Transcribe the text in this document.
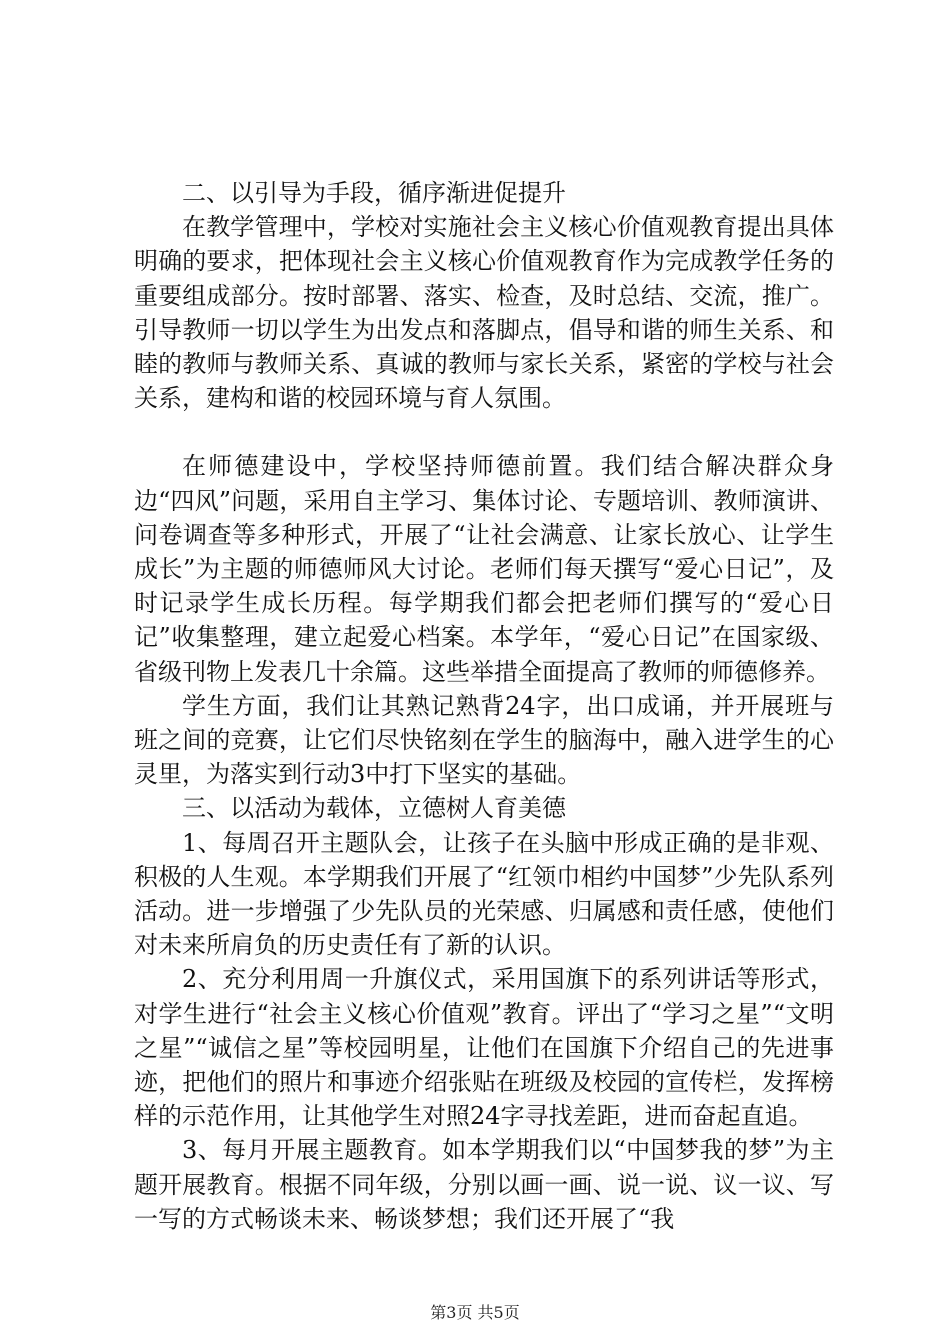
二、以引导为手段，循序渐进促提升

在教学管理中，学校对实施社会主义核心价值观教育提出具体明确的要求，把体现社会主义核心价值观教育作为完成教学任务的重要组成部分。按时部署、落实、检查，及时总结、交流，推广。引导教师一切以学生为出发点和落脚点，倡导和谐的师生关系、和睦的教师与教师关系、真诚的教师与家长关系，紧密的学校与社会关系，建构和谐的校园环境与育人氛围。

在师德建设中，学校坚持师德前置。我们结合解决群众身边“四风”问题，采用自主学习、集体讨论、专题培训、教师演讲、问卷调查等多种形式，开展了“让社会满意、让家长放心、让学生成长”为主题的师德师风大讨论。老师们每天撰写“爱心日记”，及时记录学生成长历程。每学期我们都会把老师们撰写的“爱心日记”收集整理，建立起爱心档案。本学年，“爱心日记”在国家级、省级刊物上发表几十余篇。这些举措全面提高了教师的师德修养。

学生方面，我们让其熟记熟背24字，出口成诵，并开展班与班之间的竞赛，让它们尽快铭刻在学生的脑海中，融入进学生的心灵里，为落实到行动3中打下坚实的基础。

三、以活动为载体，立德树人育美德

1、每周召开主题队会，让孩子在头脑中形成正确的是非观、积极的人生观。本学期我们开展了“红领巾相约中国梦”少先队系列活动。进一步增强了少先队员的光荣感、归属感和责任感，使他们对未来所肩负的历史责任有了新的认识。

2、充分利用周一升旗仪式，采用国旗下的系列讲话等形式，对学生进行“社会主义核心价值观”教育。评出了“学习之星”“文明之星”“诚信之星”等校园明星，让他们在国旗下介绍自己的先进事迹，把他们的照片和事迹介绍张贴在班级及校园的宣传栏，发挥榜样的示范作用，让其他学生对照24字寻找差距，进而奋起直追。

3、每月开展主题教育。如本学期我们以“中国梦我的梦”为主题开展教育。根据不同年级，分别以画一画、说一说、议一议、写一写的方式畅谈未来、畅谈梦想；我们还开展了“我

第3页 共5页
